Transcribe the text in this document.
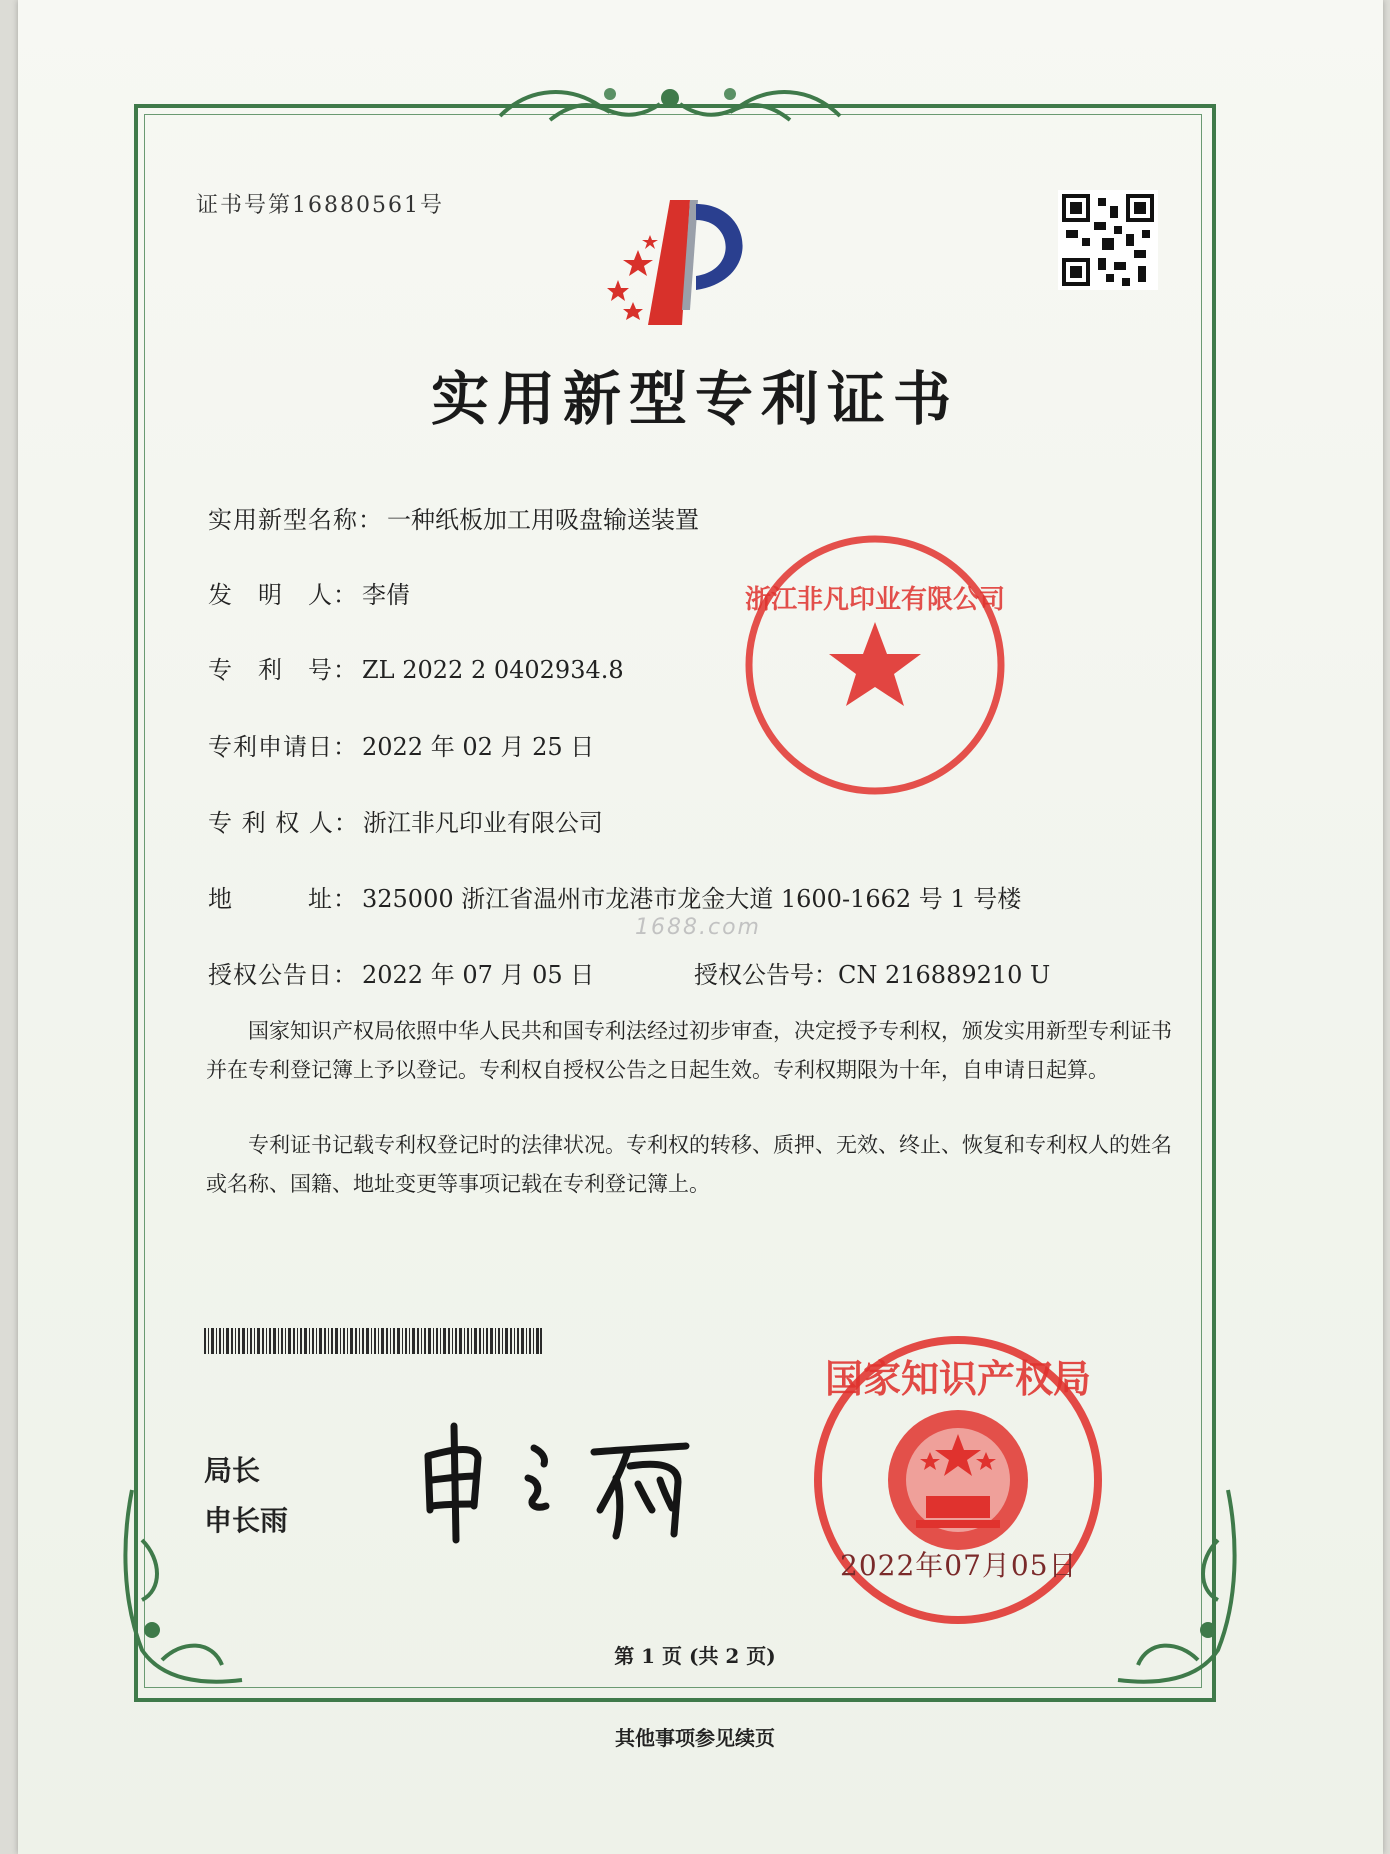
证书号第16880561号
实用新型专利证书
实用新型名称： 一种纸板加工用吸盘输送装置
发　明　人： 李倩
专　利　号： ZL 2022 2 0402934.8
专利申请日： 2022 年 02 月 25 日
专 利 权 人： 浙江非凡印业有限公司
地　　　址： 325000 浙江省温州市龙港市龙金大道 1600-1662 号 1 号楼
1688.com
授权公告日： 2022 年 07 月 05 日	授权公告号：CN 216889210 U
国家知识产权局依照中华人民共和国专利法经过初步审查，决定授予专利权，颁发实用新型专利证书并在专利登记簿上予以登记。专利权自授权公告之日起生效。专利权期限为十年，自申请日起算。
专利证书记载专利权登记时的法律状况。专利权的转移、质押、无效、终止、恢复和专利权人的姓名或名称、国籍、地址变更等事项记载在专利登记簿上。
浙江非凡印业有限公司
局长
申长雨
国家知识产权局
2022年07月05日
第 1 页 (共 2 页)
其他事项参见续页
